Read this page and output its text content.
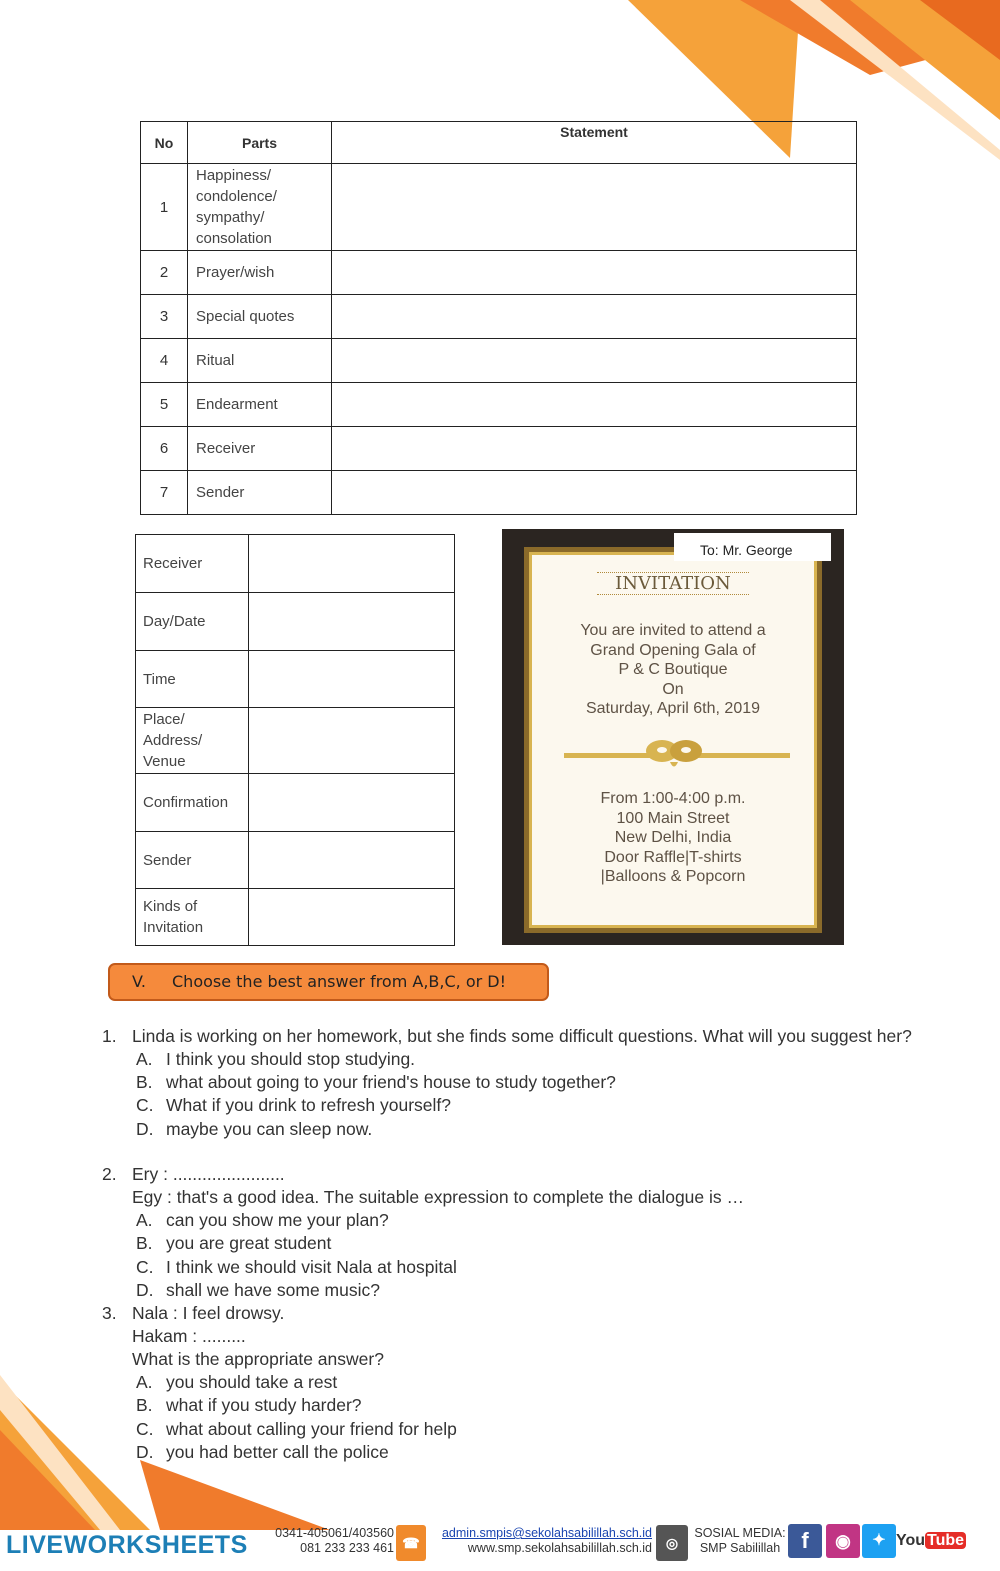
No	Parts	Statement
1	Happiness/ condolence/ sympathy/ consolation	
2	Prayer/wish	
3	Special quotes	
4	Ritual	
5	Endearment	
6	Receiver	
7	Sender	
Receiver	
Day/Date	
Time	
Place/ Address/ Venue	
Confirmation	
Sender	
Kinds of Invitation	
To: Mr. George
INVITATION
You are invited to attend a
Grand Opening Gala of
P & C Boutique
On
Saturday, April 6th, 2019
From 1:00-4:00 p.m.
100 Main Street
New Delhi, India
Door Raffle|T-shirts
|Balloons & Popcorn
V. Choose the best answer from A,B,C, or D!
1. Linda is working on her homework, but she finds some difficult questions. What will you suggest her?
A. I think you should stop studying.
B. what about going to your friend's house to study together?
C. What if you drink to refresh yourself?
D. maybe you can sleep now.
2. Ery : .......................
Egy : that's a good idea. The suitable expression to complete the dialogue is …
A. can you show me your plan?
B. you are great student
C. I think we should visit Nala at hospital
D. shall we have some music?
3. Nala : I feel drowsy.
Hakam : .........
What is the appropriate answer?
A. you should take a rest
B. what if you study harder?
C. what about calling your friend for help
D. you had better call the police
LIVEWORKSHEETS	0341-405061/403560
081 233 233 461 ☎
admin.smpis@sekolahsabilillah.sch.id
www.smp.sekolahsabilillah.sch.id ◎
SOSIAL MEDIA:
SMP Sabilillah f	◉	✦ You Tube
